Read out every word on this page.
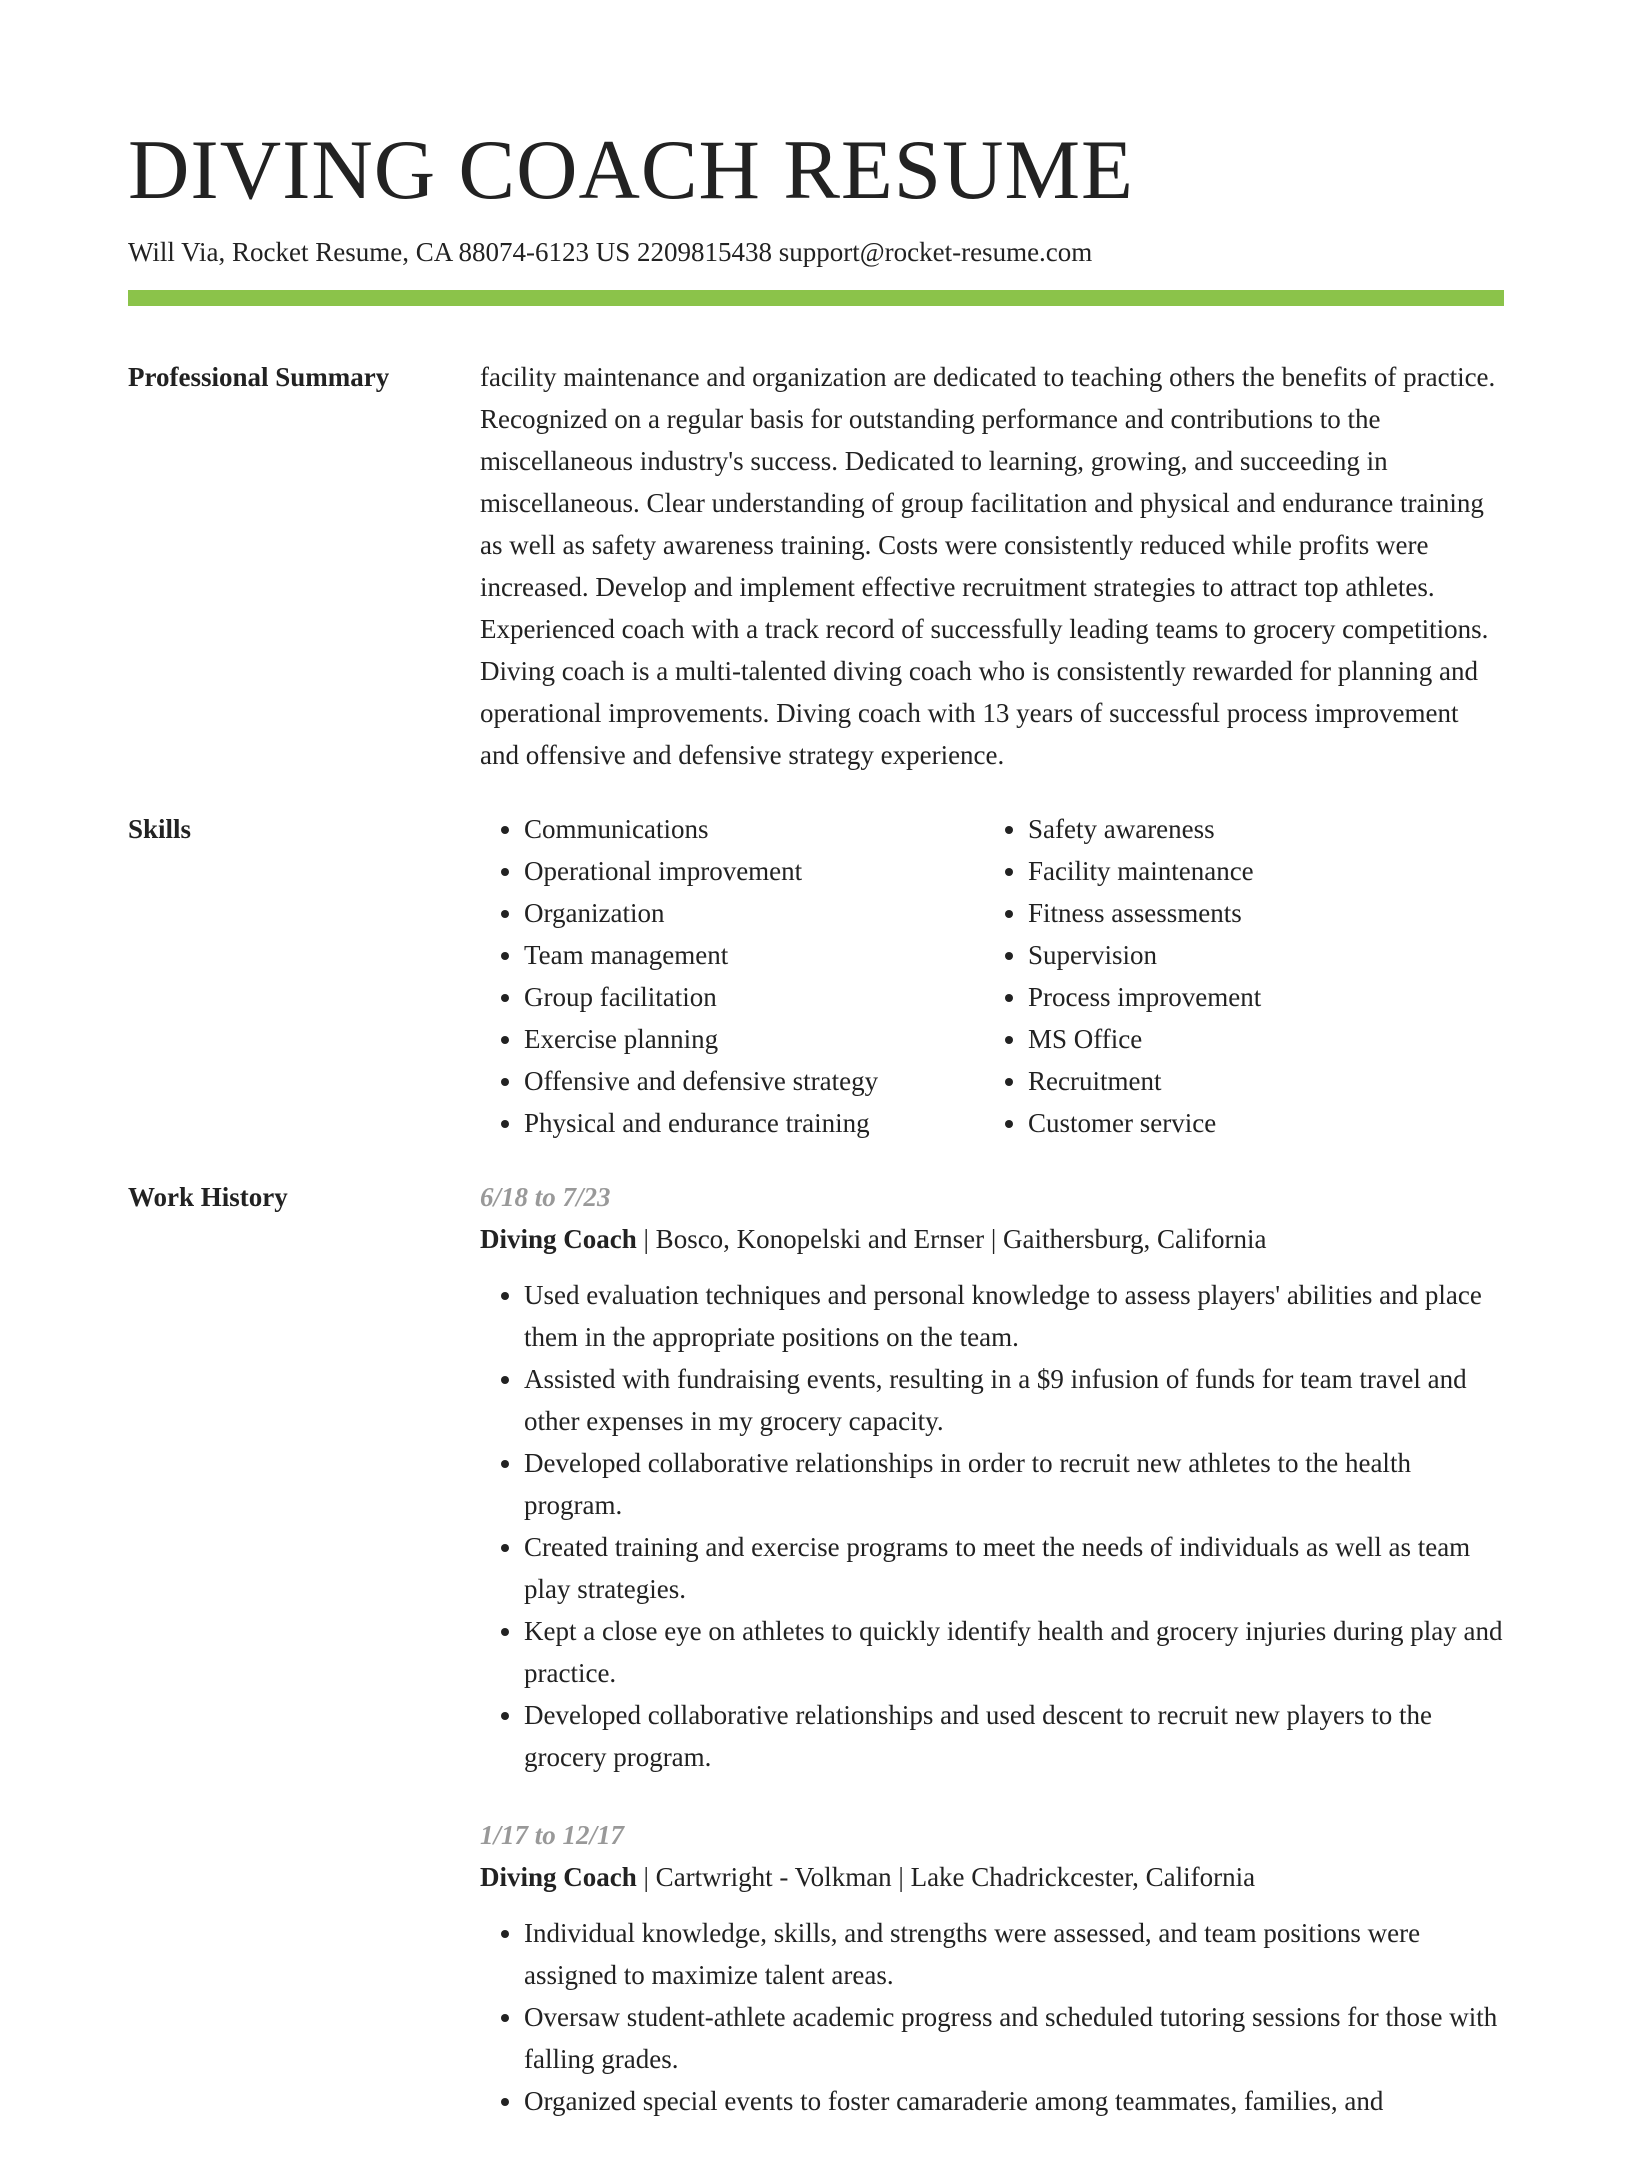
DIVING COACH RESUME
Will Via, Rocket Resume, CA 88074-6123 US 2209815438 support@rocket-resume.com
Professional Summary	facility maintenance and organization are dedicated to teaching others the benefits of practice. Recognized on a regular basis for outstanding performance and contributions to the miscellaneous industry's success. Dedicated to learning, growing, and succeeding in miscellaneous. Clear understanding of group facilitation and physical and endurance training as well as safety awareness training. Costs were consistently reduced while profits were increased. Develop and implement effective recruitment strategies to attract top athletes. Experienced coach with a track record of successfully leading teams to grocery competitions. Diving coach is a multi-talented diving coach who is consistently rewarded for planning and operational improvements. Diving coach with 13 years of successful process improvement and offensive and defensive strategy experience.

Skills
•	Communications
• Operational improvement
• Organization
• Team management
• Group facilitation
• Exercise planning
• Offensive and defensive strategy
• Physical and endurance training
• Safety awareness
• Facility maintenance
• Fitness assessments
• Supervision
• Process improvement
• MS Office
• Recruitment
• Customer service
Work History	6/18 to 7/23
Diving Coach | Bosco, Konopelski and Ernser | Gaithersburg, California
• Used evaluation techniques and personal knowledge to assess players' abilities and place them in the appropriate positions on the team.
• Assisted with fundraising events, resulting in a $9 infusion of funds for team travel and other expenses in my grocery capacity.
• Developed collaborative relationships in order to recruit new athletes to the health program.
• Created training and exercise programs to meet the needs of individuals as well as team play strategies.
• Kept a close eye on athletes to quickly identify health and grocery injuries during play and practice.
• Developed collaborative relationships and used descent to recruit new players to the grocery program.
1/17 to 12/17
Diving Coach | Cartwright - Volkman | Lake Chadrickcester, California
• Individual knowledge, skills, and strengths were assessed, and team positions were assigned to maximize talent areas.
• Oversaw student-athlete academic progress and scheduled tutoring sessions for those with falling grades.
• Organized special events to foster camaraderie among teammates, families, and
